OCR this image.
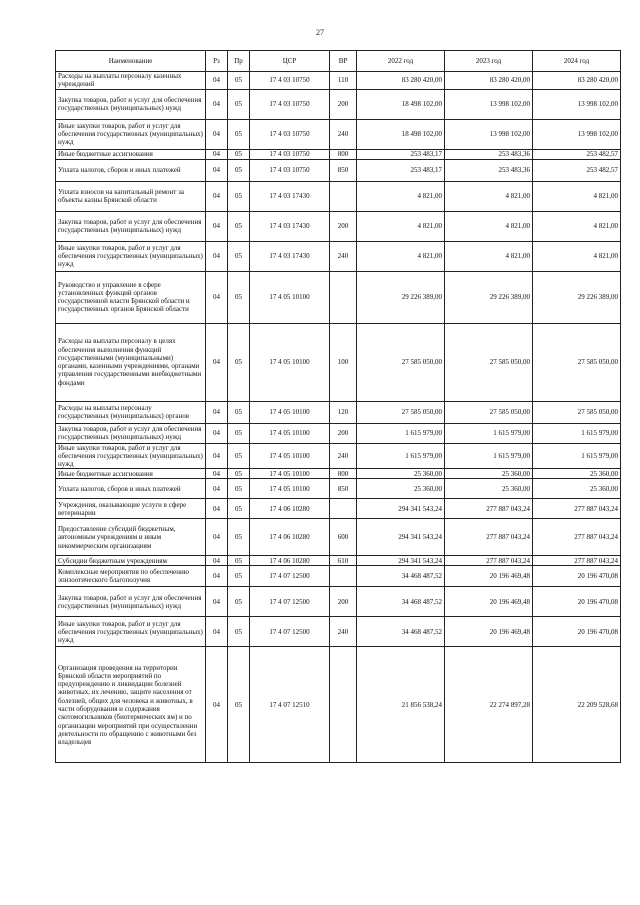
27
Наименование	Рз	Пр	ЦСР	ВР	2022 год	2023 год	2024 год
Расходы на выплаты персоналу казенных учреждений	04	05	17 4 03 10750	110	83 280 420,00	83 280 420,00	83 280 420,00
Закупка товаров, работ и услуг для обеспечения государственных (муниципальных) нужд	04	05	17 4 03 10750	200	18 498 102,00	13 998 102,00	13 998 102,00
Иные закупки товаров, работ и услуг для обеспечения государственных (муниципальных) нужд	04	05	17 4 03 10750	240	18 498 102,00	13 998 102,00	13 998 102,00
Иные бюджетные ассигнования	04	05	17 4 03 10750	800	253 483,17	253 483,36	253 482,57
Уплата налогов, сборов и иных платежей	04	05	17 4 03 10750	850	253 483,17	253 483,36	253 482,57
Уплата взносов на капитальный ремонт за объекты казны Брянской области	04	05	17 4 03 17430		4 821,00	4 821,00	4 821,00
Закупка товаров, работ и услуг для обеспечения государственных (муниципальных) нужд	04	05	17 4 03 17430	200	4 821,00	4 821,00	4 821,00
Иные закупки товаров, работ и услуг для обеспечения государственных (муниципальных) нужд	04	05	17 4 03 17430	240	4 821,00	4 821,00	4 821,00
Руководство и управление в сфере установленных функций органов государственной власти Брянской области и государственных органов Брянской области	04	05	17 4 05 10100		29 226 389,00	29 226 389,00	29 226 389,00
Расходы на выплаты персоналу в целях обеспечения выполнения функций государственными (муниципальными) органами, казенными учреждениями, органами управления государственными внебюджетными фондами	04	05	17 4 05 10100	100	27 585 050,00	27 585 050,00	27 585 050,00
Расходы на выплаты персоналу государственных (муниципальных) органов	04	05	17 4 05 10100	120	27 585 050,00	27 585 050,00	27 585 050,00
Закупка товаров, работ и услуг для обеспечения государственных (муниципальных) нужд	04	05	17 4 05 10100	200	1 615 979,00	1 615 979,00	1 615 979,00
Иные закупки товаров, работ и услуг для обеспечения государственных (муниципальных) нужд	04	05	17 4 05 10100	240	1 615 979,00	1 615 979,00	1 615 979,00
Иные бюджетные ассигнования	04	05	17 4 05 10100	800	25 360,00	25 360,00	25 360,00
Уплата налогов, сборов и иных платежей	04	05	17 4 05 10100	850	25 360,00	25 360,00	25 360,00
Учреждения, оказывающие услуги в сфере ветеринарии	04	05	17 4 06 10280		294 341 543,24	277 887 043,24	277 887 043,24
Предоставление субсидий бюджетным, автономным учреждениям и иным некоммерческим организациям	04	05	17 4 06 10280	600	294 341 543,24	277 887 043,24	277 887 043,24
Субсидии бюджетным учреждениям	04	05	17 4 06 10280	610	294 341 543,24	277 887 043,24	277 887 043,24
Комплексные мероприятия по обеспечению эпизоотического благополучия	04	05	17 4 07 12500		34 468 487,52	20 196 469,48	20 196 470,08
Закупка товаров, работ и услуг для обеспечения государственных (муниципальных) нужд	04	05	17 4 07 12500	200	34 468 487,52	20 196 469,48	20 196 470,08
Иные закупки товаров, работ и услуг для обеспечения государственных (муниципальных) нужд	04	05	17 4 07 12500	240	34 468 487,52	20 196 469,48	20 196 470,08
Организация проведения на территории Брянской области мероприятий по предупреждению и ликвидации болезней животных, их лечению, защите населения от болезней, общих для человека и животных, в части оборудования и содержания скотомогильников (биотермических ям) и по организации мероприятий при осуществлении деятельности по обращению с животными без владельцев	04	05	17 4 07 12510		21 856 538,24	22 274 897,28	22 209 528,68
